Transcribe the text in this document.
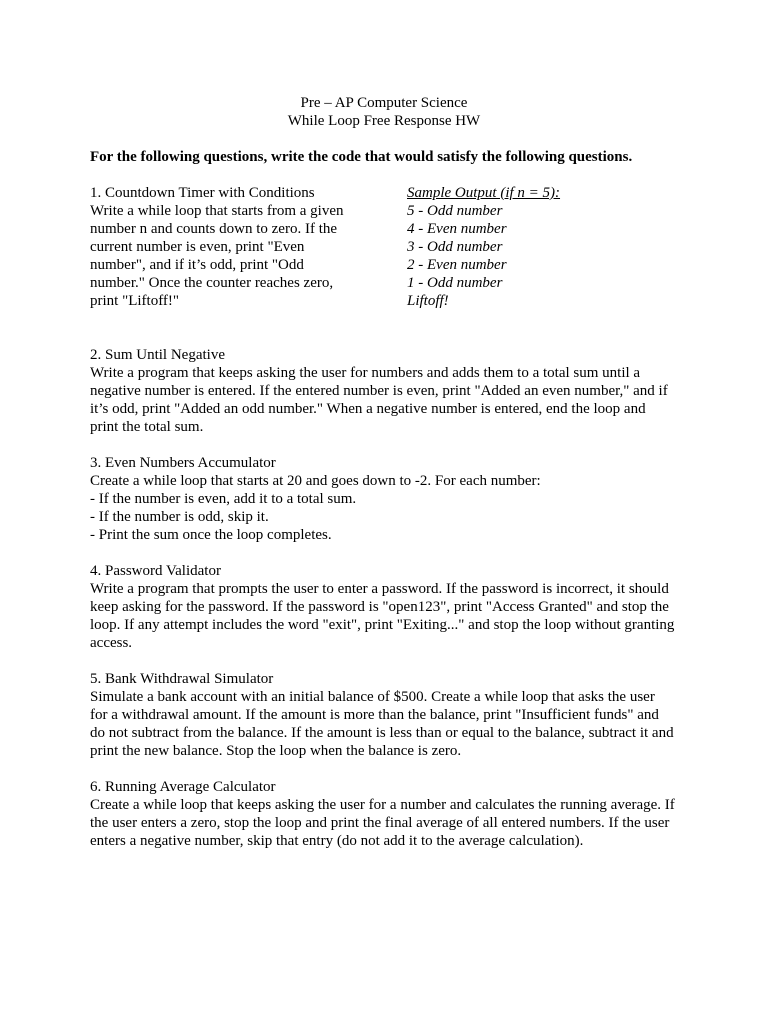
Pre – AP Computer Science
While Loop Free Response HW
For the following questions, write the code that would satisfy the following questions.
1. Countdown Timer with Conditions
Write a while loop that starts from a given
number n and counts down to zero. If the
current number is even, print "Even
number", and if it’s odd, print "Odd
number." Once the counter reaches zero,
print "Liftoff!"
Sample Output (if n = 5):
5 - Odd number
4 - Even number
3 - Odd number
2 - Even number
1 - Odd number
Liftoff!
2. Sum Until Negative
Write a program that keeps asking the user for numbers and adds them to a total sum until a
negative number is entered. If the entered number is even, print "Added an even number," and if
it’s odd, print "Added an odd number." When a negative number is entered, end the loop and
print the total sum.
3. Even Numbers Accumulator
Create a while loop that starts at 20 and goes down to -2. For each number:
- If the number is even, add it to a total sum.
- If the number is odd, skip it.
- Print the sum once the loop completes.
4. Password Validator
Write a program that prompts the user to enter a password. If the password is incorrect, it should
keep asking for the password. If the password is "open123", print "Access Granted" and stop the
loop. If any attempt includes the word "exit", print "Exiting..." and stop the loop without granting
access.
5. Bank Withdrawal Simulator
Simulate a bank account with an initial balance of $500. Create a while loop that asks the user
for a withdrawal amount. If the amount is more than the balance, print "Insufficient funds" and
do not subtract from the balance. If the amount is less than or equal to the balance, subtract it and
print the new balance. Stop the loop when the balance is zero.
6. Running Average Calculator
Create a while loop that keeps asking the user for a number and calculates the running average. If
the user enters a zero, stop the loop and print the final average of all entered numbers. If the user
enters a negative number, skip that entry (do not add it to the average calculation).
